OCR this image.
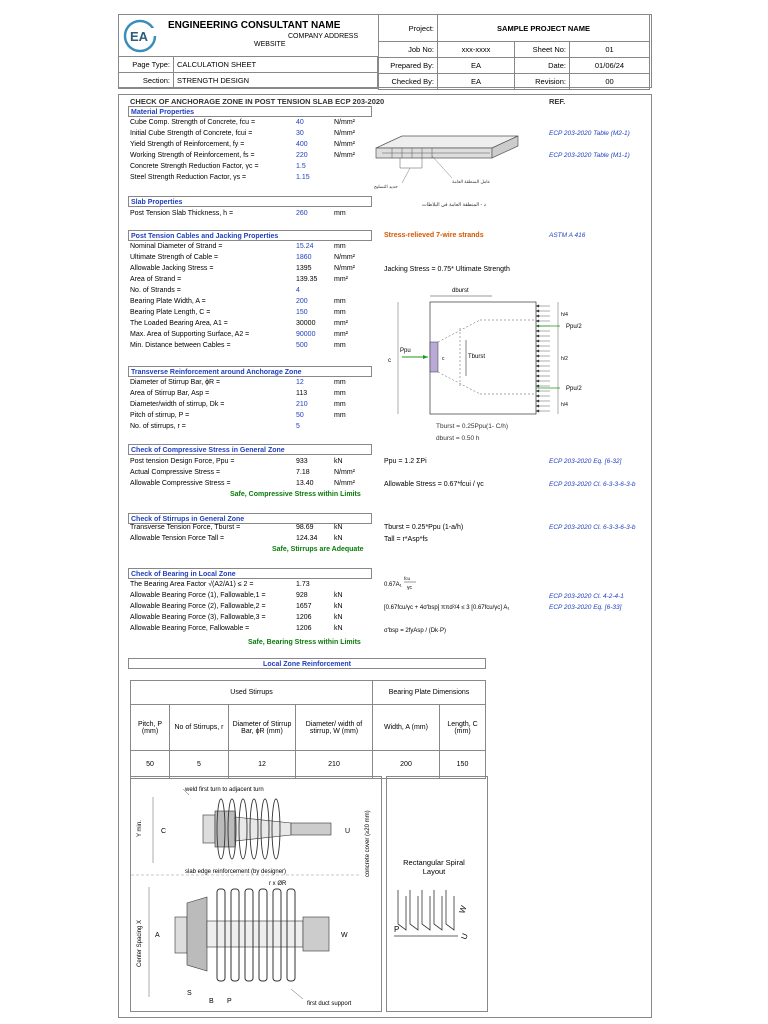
EA
ENGINEERING CONSULTANT NAME
COMPANY ADDRESS
WEBSITE
Project:	SAMPLE PROJECT NAME		
Job No:	xxx-xxxx	Sheet No:	01
Prepared By:	EA	Date:	01/06/24
Checked By:	EA	Revision:	00
Page Type:	CALCULATION SHEET
Section:	STRENGTH DESIGN
CHECK OF ANCHORAGE ZONE IN POST TENSION SLAB ECP 203-2020	REF.
Material Properties
Cube Comp. Strength of Concrete, fcu =	40	N/mm²
Initial Cube Strength of Concrete, fcui =	30	N/mm²
Yield Strength of Reinforcement, fy =	400	N/mm²
Working Strength of Reinforcement, fs =	220	N/mm²
Concrete Strength Reduction Factor, γc =	1.5
Steel Strength Reduction Factor, γs =	1.15
ECP 203-2020 Table (M2-1)
ECP 203-2020 Table (M1-1)
حديد التسليح
عامل المنطقة العامة
د - المنطقة العامة في البلاطات
Slab Properties
Post Tension Slab Thickness, h =	260	mm
Post Tension Cables and Jacking Properties
Nominal Diameter of Strand =	15.24	mm
Ultimate Strength of Cable =	1860	N/mm²
Allowable Jacking Stress =	1395	N/mm²
Area of Strand =	139.35 mm²
No. of Strands =	4
Bearing Plate Width, A =	200	mm
Bearing Plate Length, C =	150	mm
The Loaded Bearing Area, A1 =	30000	mm²
Max. Area of Supporting Surface, A2 =	90000	mm²
Min. Distance between Cables =	500	mm
Stress-relieved 7-wire strands	ASTM A 416
Jacking Stress = 0.75* Ultimate Strength
Transverse Reinforcement around Anchorage Zone
Diameter of Stirrup Bar, ϕR =	12	mm
Area of Stirrup Bar, Asp =	113	mm
Diameter/width of stirrup, Dk =	210	mm
Pitch of stirrup, P =	50	mm
No. of stirrups, r =	5
dburst
Tburst
Ppu
c
c
Ppu/2
Ppu/2
h/4
h/2
h/4
Tburst = 0.25Ppu(1- C/h)
dburst = 0.50 h
Check of Compressive Stress in General Zone
Post tension Design Force, Ppu =	933	kN
Actual Compressive Stress =	7.18	N/mm²
Allowable Compressive Stress =	13.40	N/mm²
Safe, Compressive Stress within Limits
Ppu = 1.2 ΣPi
Allowable Stress = 0.67*fcui / γc
ECP 203-2020 Eq. [6-32]
ECP 203-2020 Cl. 6-3-3-6-3-b
Check of Stirrups in General Zone
Transverse Tension Force, Tburst =	98.69	kN
Allowable Tension Force Tall =	124.34 kN
Safe, Stirrups are Adequate
Tburst = 0.25*Ppu (1-a/h)
Tall = r*Asp*fs
ECP 203-2020 Cl. 6-3-3-6-3-b
Check of Bearing in Local Zone
The Bearing Area Factor √(A2/A1) ≤ 2 =	1.73
Allowable Bearing Force (1), Fallowable,1 =	928	kN
Allowable Bearing Force (2), Fallowable,2 =	1657	kN
Allowable Bearing Force (3), Fallowable,3 =	1206	kN
Allowable Bearing Force, Fallowable =	1206	kN
Safe, Bearing Stress within Limits
ECP 203-2020 Cl. 4-2-4-1
ECP 203-2020 Eq. [6-33]
0.67A₁
fcu
γc
[0.67fcu/γc + 4σ'bsp] ππd²/4 ≤ 3 [0.67fcu/γc] A₁
σ'bsp = 2fyAsp / (Dk·P)
Local Zone Reinforcement
Used Stirrups				Bearing Plate Dimensions	
Pitch, P (mm)	No of Stirrups, r	Diameter of Stirrup Bar, ϕR (mm)	Diameter/ width of stirrup, W (mm)	Width, A (mm)	Length, C (mm)
50	5	12	210	200	150
weld first turn to adjacent turn
Y min.	C	U concrete cover (≥20 mm)
slab edge reinforcement (by designer)
r x ØR
Center Spacing X A	W
S
B P	first duct support
Rectangular Spiral Layout
P
W
U
